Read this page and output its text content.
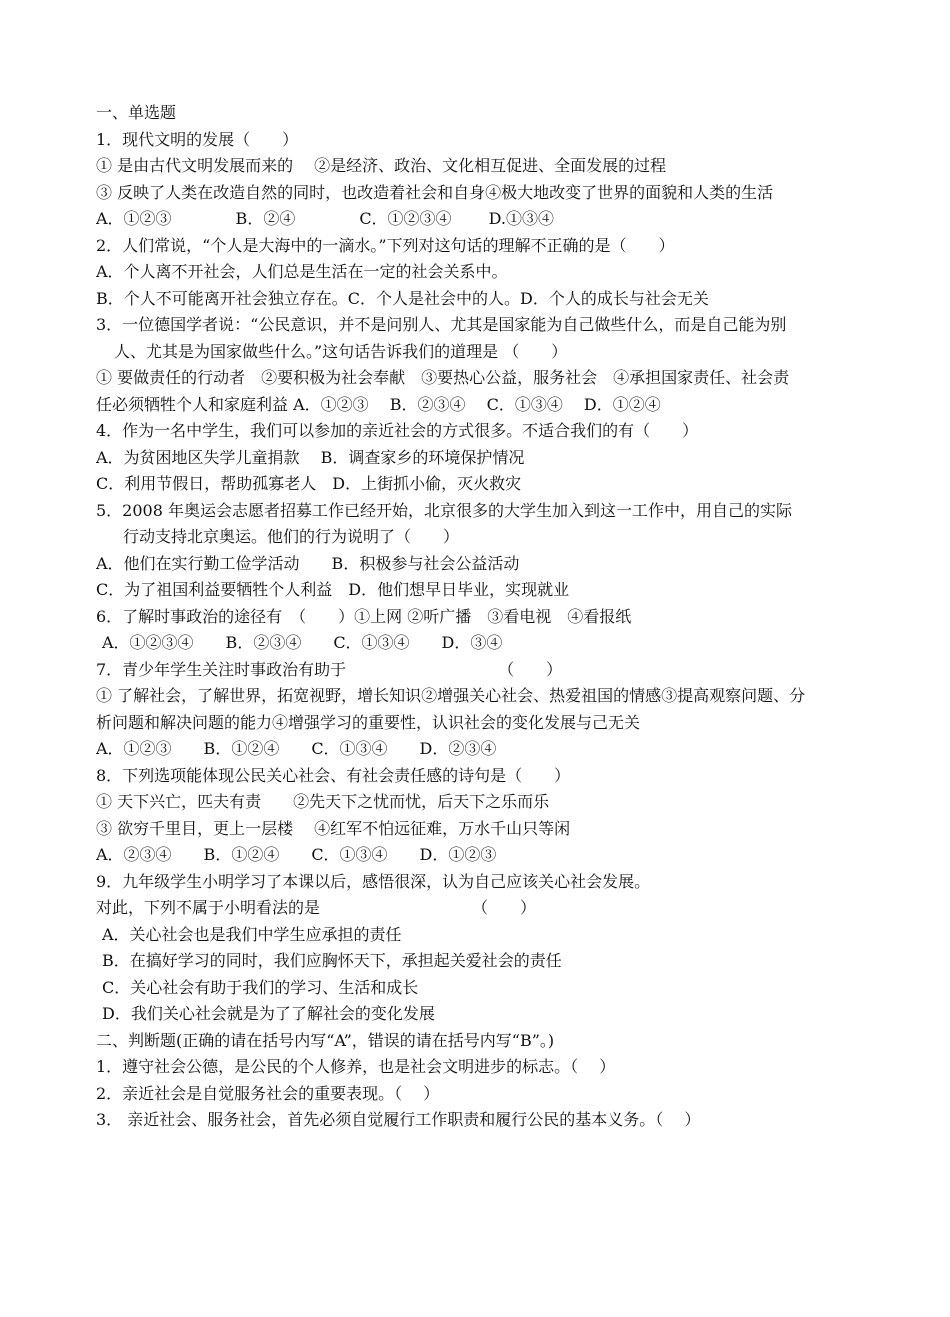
一、单选题
1．现代文明的发展（　　）
① 是由古代文明发展而来的　 ②是经济、政治、文化相互促进、全面发展的过程
③ 反映了人类在改造自然的同时，也改造着社会和自身④极大地改变了世界的面貌和人类的生活
A．①②③　　　　B．②④　　　　C．①②③④　　 D.①③④
2．人们常说，“个人是大海中的一滴水。”下列对这句话的理解不正确的是（　　）
A．个人离不开社会，人们总是生活在一定的社会关系中。
B．个人不可能离开社会独立存在。C．个人是社会中的人。D．个人的成长与社会无关
3．一位德国学者说：“公民意识，并不是问别人、尤其是国家能为自己做些什么，而是自己能为别
人、尤其是为国家做些什么。”这句话告诉我们的道理是 （　　）
① 要做责任的行动者　②要积极为社会奉献　③要热心公益，服务社会　④承担国家责任、社会责
任必须牺牲个人和家庭利益 A．①②③　 B．②③④　 C．①③④　 D．①②④
4．作为一名中学生，我们可以参加的亲近社会的方式很多。不适合我们的有（　　）
A．为贫困地区失学儿童捐款　 B．调查家乡的环境保护情况
C．利用节假日，帮助孤寡老人　D．上街抓小偷，灭火救灾
5．2008 年奥运会志愿者招募工作已经开始，北京很多的大学生加入到这一工作中，用自己的实际
行动支持北京奥运。他们的行为说明了（　　）
A．他们在实行勤工俭学活动　　B．积极参与社会公益活动
C．为了祖国利益要牺牲个人利益　D．他们想早日毕业，实现就业
6．了解时事政治的途径有　（　　）①上网 ②听广播　③看电视　④看报纸
A．①②③④　　B．②③④　　C．①③④　　D．③④
7．青少年学生关注时事政治有助于　　　　　　　　　　（　　）
① 了解社会，了解世界，拓宽视野，增长知识②增强关心社会、热爱祖国的情感③提高观察问题、分
析问题和解决问题的能力④增强学习的重要性，认识社会的变化发展与己无关
A．①②③　　B．①②④　　C．①③④　　D．②③④
8．下列选项能体现公民关心社会、有社会责任感的诗句是（　　）
① 天下兴亡，匹夫有责　　②先天下之忧而忧，后天下之乐而乐
③ 欲穷千里目，更上一层楼　 ④红军不怕远征难，万水千山只等闲
A．②③④　　B．①②④　　C．①③④　　D．①②③
9．九年级学生小明学习了本课以后，感悟很深，认为自己应该关心社会发展。
对此，下列不属于小明看法的是　　　　　　　　　　（　　）
A．关心社会也是我们中学生应承担的责任
B．在搞好学习的同时，我们应胸怀天下，承担起关爱社会的责任
C．关心社会有助于我们的学习、生活和成长
D．我们关心社会就是为了了解社会的变化发展
二、判断题(正确的请在括号内写“A”，错误的请在括号内写“B”。)
1．遵守社会公德，是公民的个人修养，也是社会文明进步的标志。（　 ）
2．亲近社会是自觉服务社会的重要表现。（　 ）
3． 亲近社会、服务社会，首先必须自觉履行工作职责和履行公民的基本义务。（　 ）
